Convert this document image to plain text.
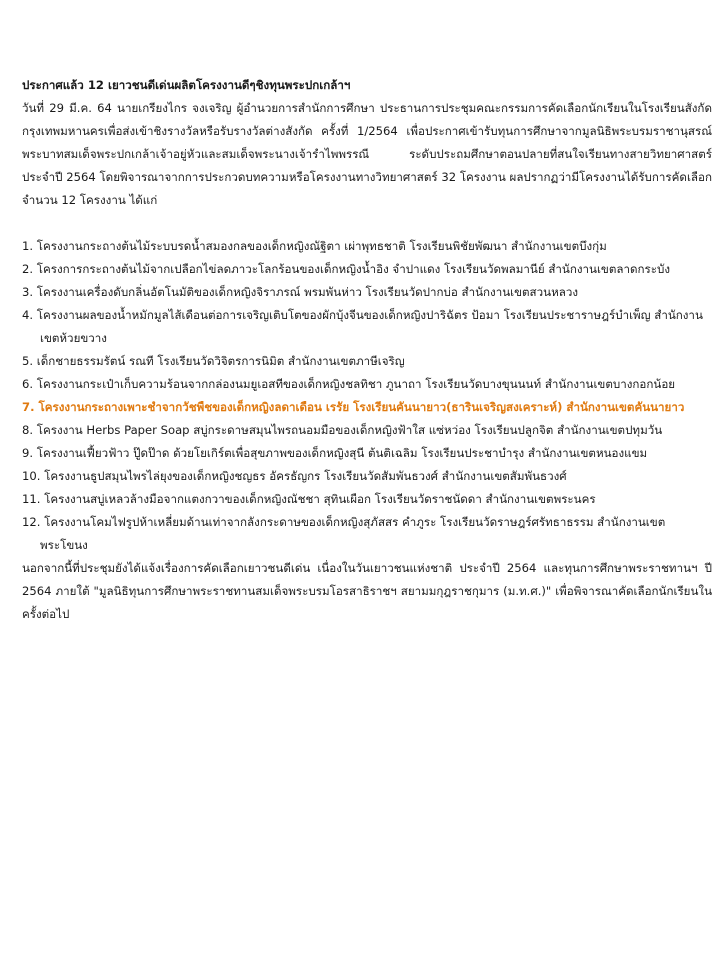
ประกาศแล้ว 12 เยาวชนดีเด่นผลิตโครงงานดีๆชิงทุนพระปกเกล้าฯ

วันที่ 29 มี.ค. 64 นายเกรียงไกร จงเจริญ ผู้อำนวยการสำนักการศึกษา ประธานการประชุมคณะกรรมการคัดเลือกนักเรียนในโรงเรียนสังกัดกรุงเทพมหานครเพื่อส่งเข้าชิงรางวัลหรือรับรางวัลต่างสังกัด ครั้งที่ 1/2564 เพื่อประกาศเข้ารับทุนการศึกษาจากมูลนิธิพระบรมราชานุสรณ์พระบาทสมเด็จพระปกเกล้าเจ้าอยู่หัวและสมเด็จพระนางเจ้ารำไพพรรณี ระดับประถมศึกษาตอนปลายที่สนใจเรียนทางสายวิทยาศาสตร์ ประจำปี 2564 โดยพิจารณาจากการประกวดบทความหรือโครงงานทางวิทยาศาสตร์ 32 โครงงาน ผลปรากฏว่ามีโครงงานได้รับการคัดเลือกจำนวน 12 โครงงาน ได้แก่

1. โครงงานกระถางต้นไม้ระบบรดน้ำสมองกลของเด็กหญิงณัฐิตา เผ่าพุทธชาติ โรงเรียนพิชัยพัฒนา สำนักงานเขตบึงกุ่ม
2. โครงการกระถางต้นไม้จากเปลือกไข่ลดภาวะโลกร้อนของเด็กหญิงน้ำอิง จำปาแดง โรงเรียนวัดพลมานีย์ สำนักงานเขตลาดกระบัง
3. โครงงานเครื่องดับกลิ่นอัตโนมัติของเด็กหญิงจิราภรณ์ พรมพันห่าว โรงเรียนวัดปากบ่อ สำนักงานเขตสวนหลวง
4. โครงงานผลของน้ำหมักมูลไส้เดือนต่อการเจริญเติบโตของผักบุ้งจีนของเด็กหญิงปาริฉัตร ป้อมา โรงเรียนประชาราษฎร์บำเพ็ญ สำนักงานเขตห้วยขวาง
5. เด็กชายธรรมรัตน์ รณที โรงเรียนวัดวิจิตรการนิมิต สำนักงานเขตภาษีเจริญ
6. โครงงานกระเป๋าเก็บความร้อนจากกล่องนมยูเอสทีของเด็กหญิงชลทิชา ภูนาถา โรงเรียนวัดบางขุนนนท์ สำนักงานเขตบางกอกน้อย
7. โครงงานกระถางเพาะชำจากวัชพืชของเด็กหญิงลดาเดือน เรรัย โรงเรียนคันนายาว(ธารินเจริญสงเคราะห์) สำนักงานเขตคันนายาว
8. โครงงาน Herbs Paper Soap สบู่กระดาษสมุนไพรถนอมมือของเด็กหญิงฟ้าใส แซ่หว่อง โรงเรียนปลูกจิต สำนักงานเขตปทุมวัน
9. โครงงานเฟี้ยวฟ้าว ปู๊ดป๊าด ด้วยโยเกิร์ตเพื่อสุขภาพของเด็กหญิงสุนี ต้นติเฉลิม โรงเรียนประชาบำรุง สำนักงานเขตหนองแขม
10. โครงงานธูปสมุนไพรไล่ยุงของเด็กหญิงชญธร อัครธัญกร โรงเรียนวัดสัมพันธวงศ์ สำนักงานเขตสัมพันธวงศ์
11. โครงงานสบู่เหลวล้างมือจากแตงกวาของเด็กหญิงณัชชา สุทินเผือก โรงเรียนวัดราชนัดดา สำนักงานเขตพระนคร
12. โครงงานโคมไฟรูปห้าเหลี่ยมด้านเท่าจากลังกระดาษของเด็กหญิงสุภัสสร คำภูระ โรงเรียนวัดราษฎร์ศรัทธาธรรม สำนักงานเขตพระโขนง

นอกจากนี้ที่ประชุมยังได้แจ้งเรื่องการคัดเลือกเยาวชนดีเด่น เนื่องในวันเยาวชนแห่งชาติ ประจำปี 2564 และทุนการศึกษาพระราชทานฯ ปี 2564 ภายใต้ "มูลนิธิทุนการศึกษาพระราชทานสมเด็จพระบรมโอรสาธิราชฯ สยามมกุฎราชกุมาร (ม.ท.ศ.)" เพื่อพิจารณาคัดเลือกนักเรียนในครั้งต่อไป
